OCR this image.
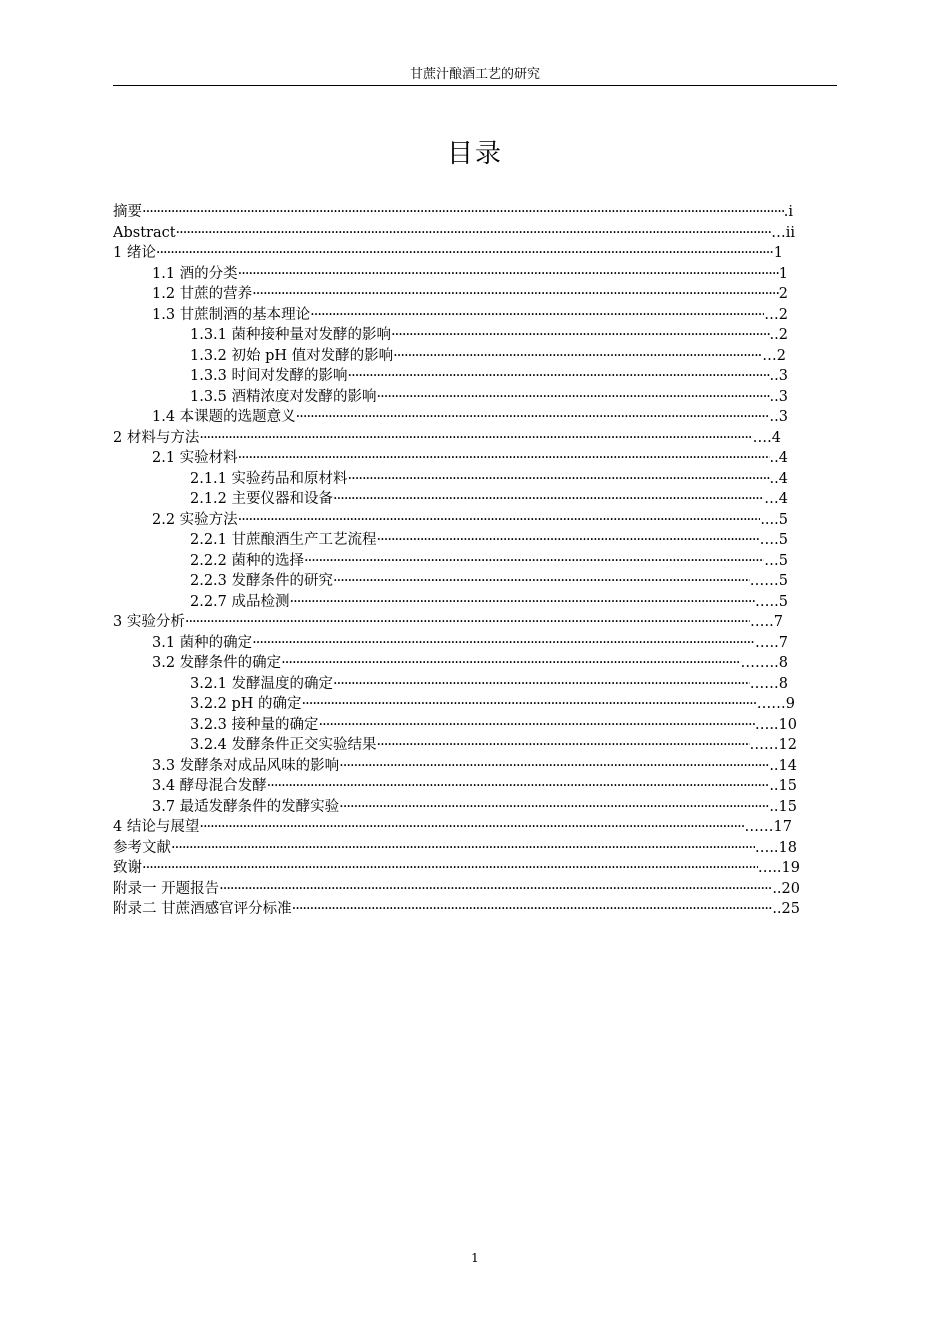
甘蔗汁酿酒工艺的研究
目录
摘要 ·····	.i
Abstract ·····	…ii
1 绪论 ·····	1
1.1 酒的分类 ·····	1
1.2 甘蔗的营养 ·····	2
1.3 甘蔗制酒的基本理论 ·····	…2
1.3.1 菌种接种量对发酵的影响 ·····	..2
1.3.2 初始 pH 值对发酵的影响 ·····	…2
1.3.3 时间对发酵的影响 ·····	..3
1.3.5 酒精浓度对发酵的影响 ·····	..3
1.4 本课题的选题意义 ·····	..3
2 材料与方法 ·····	….4
2.1 实验材料 ·····	..4
2.1.1 实验药品和原材料 ·····	..4
2.1.2 主要仪器和设备 ·····	…4
2.2 实验方法 ·····	....5
2.2.1 甘蔗酿酒生产工艺流程 ·····	….5
2.2.2 菌种的选择 ·····	…5
2.2.3 发酵条件的研究 ·····	……5
2.2.7 成品检测 ·····	…..5
3 实验分析 ·····	…..7
3.1 菌种的确定 ·····	…..7
3.2 发酵条件的确定 ·····	……..8
3.2.1 发酵温度的确定 ·····	……8
3.2.2 pH 的确定 ·····	……9
3.2.3 接种量的确定 ·····	…..10
3.2.4 发酵条件正交实验结果 ·····	……12
3.3 发酵条对成品风味的影响 ·····	..14
3.4 酵母混合发酵 ·····	..15
3.7 最适发酵条件的发酵实验 ·····	..15
4 结论与展望 ·····	……17
参考文献 ·····	…..18
致谢 ·····	…..19
附录一 开题报告 ·····	..20
附录二 甘蔗酒感官评分标准 ·····	..25
1
